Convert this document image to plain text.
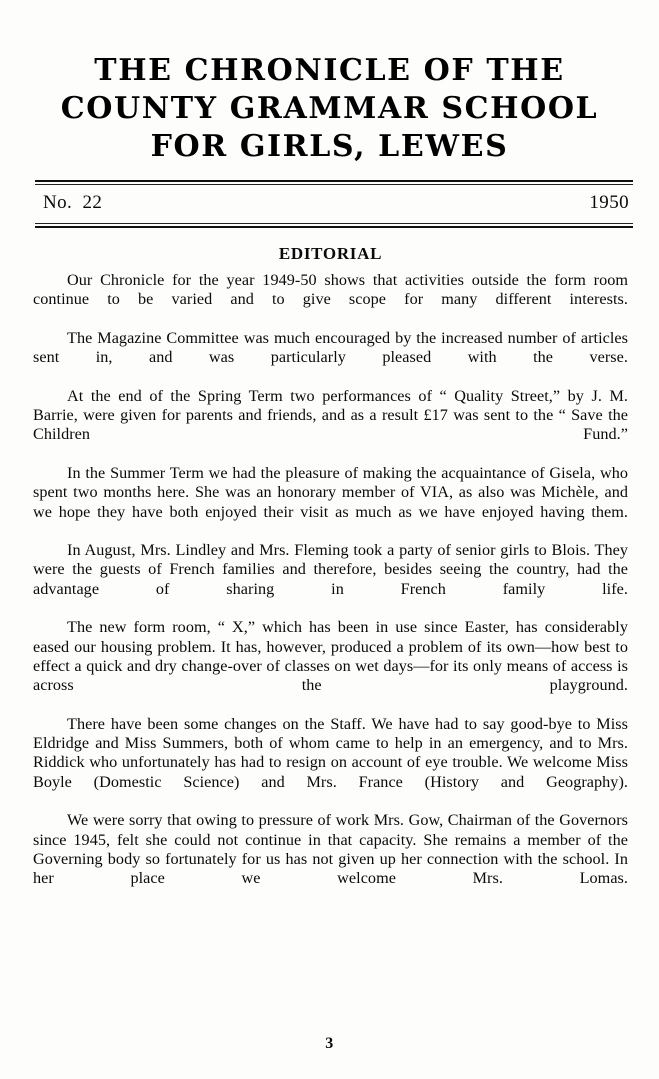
THE CHRONICLE OF THE
COUNTY GRAMMAR SCHOOL
FOR GIRLS, LEWES
No.  22	1950
EDITORIAL

Our Chronicle for the year 1949-50 shows that activities outside the form room continue to be varied and to give scope for many different interests.

The Magazine Committee was much encouraged by the increased number of articles sent in, and was particularly pleased with the verse.

At the end of the Spring Term two performances of “ Quality Street,” by J. M. Barrie, were given for parents and friends, and as a result £17 was sent to the “ Save the Children Fund.”

In the Summer Term we had the pleasure of making the acquaintance of Gisela, who spent two months here. She was an honorary member of VIA, as also was Michèle, and we hope they have both enjoyed their visit as much as we have enjoyed having them.

In August, Mrs. Lindley and Mrs. Fleming took a party of senior girls to Blois. They were the guests of French families and therefore, besides seeing the country, had the advantage of sharing in French family life.

The new form room, “ X,” which has been in use since Easter, has considerably eased our housing problem. It has, however, produced a problem of its own—how best to effect a quick and dry change-over of classes on wet days—for its only means of access is across the playground.

There have been some changes on the Staff. We have had to say good-bye to Miss Eldridge and Miss Summers, both of whom came to help in an emergency, and to Mrs. Riddick who unfortunately has had to resign on account of eye trouble. We welcome Miss Boyle (Domestic Science) and Mrs. France (History and Geography).

We were sorry that owing to pressure of work Mrs. Gow, Chairman of the Governors since 1945, felt she could not continue in that capacity. She remains a member of the Governing body so fortunately for us has not given up her connection with the school. In her place we welcome Mrs. Lomas.

3
